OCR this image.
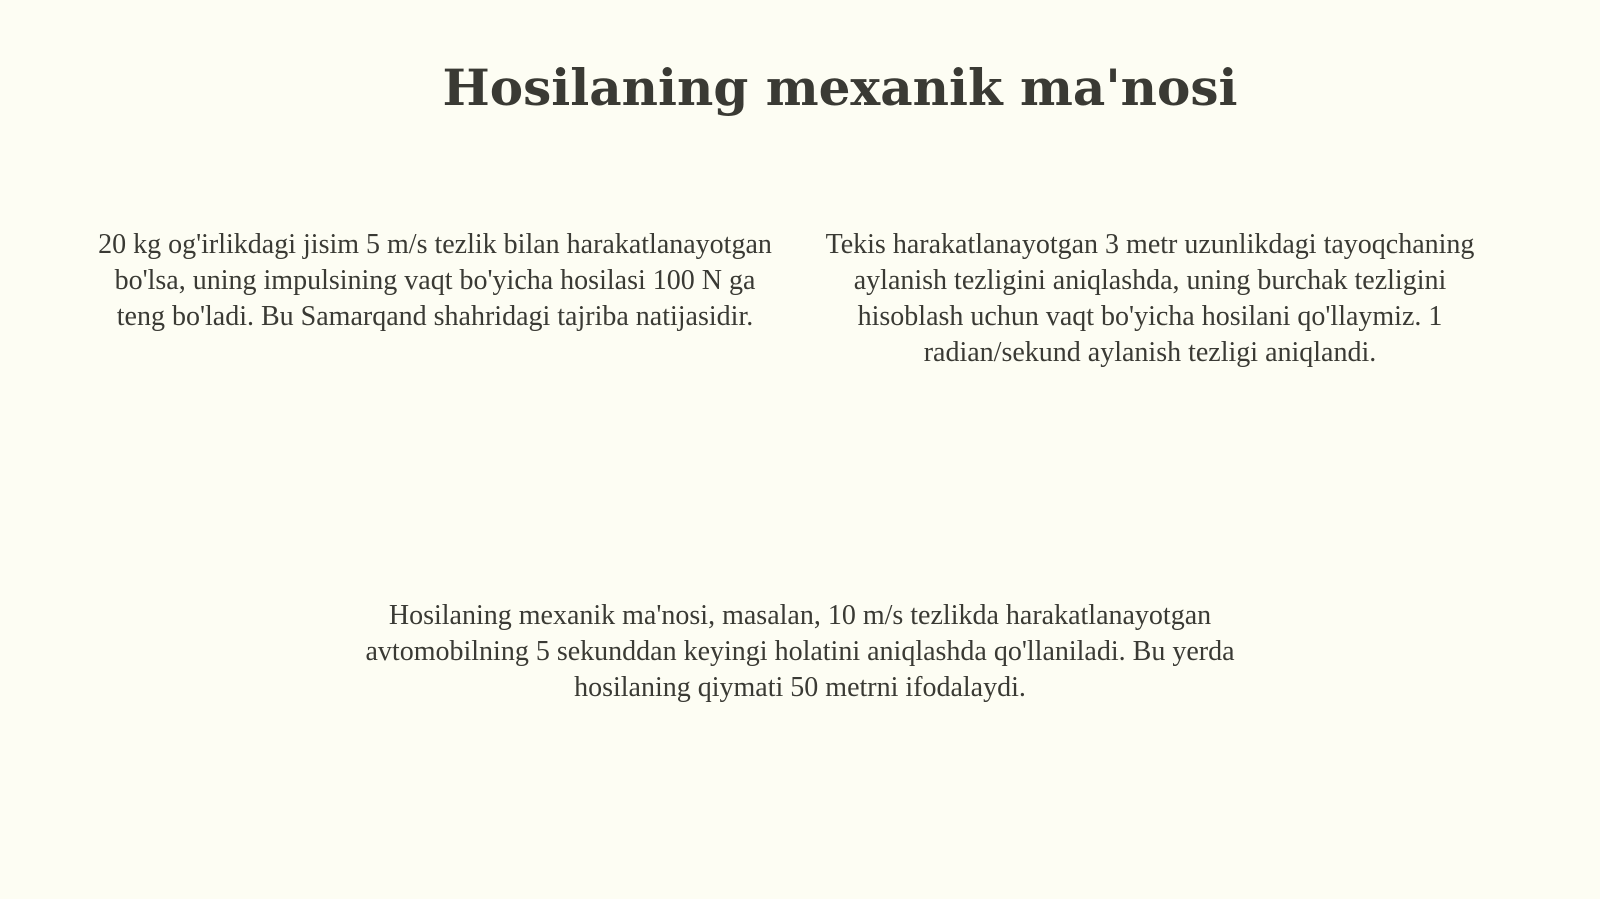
Hosilaning mexanik ma'nosi

20 kg og'irlikdagi jisim 5 m/s tezlik bilan harakatlanayotgan bo'lsa, uning impulsining vaqt bo'yicha hosilasi 100 N ga teng bo'ladi. Bu Samarqand shahridagi tajriba natijasidir.

Tekis harakatlanayotgan 3 metr uzunlikdagi tayoqchaning aylanish tezligini aniqlashda, uning burchak tezligini hisoblash uchun vaqt bo'yicha hosilani qo'llaymiz. 1 radian/sekund aylanish tezligi aniqlandi.

Hosilaning mexanik ma'nosi, masalan, 10 m/s tezlikda harakatlanayotgan avtomobilning 5 sekunddan keyingi holatini aniqlashda qo'llaniladi. Bu yerda hosilaning qiymati 50 metrni ifodalaydi.
